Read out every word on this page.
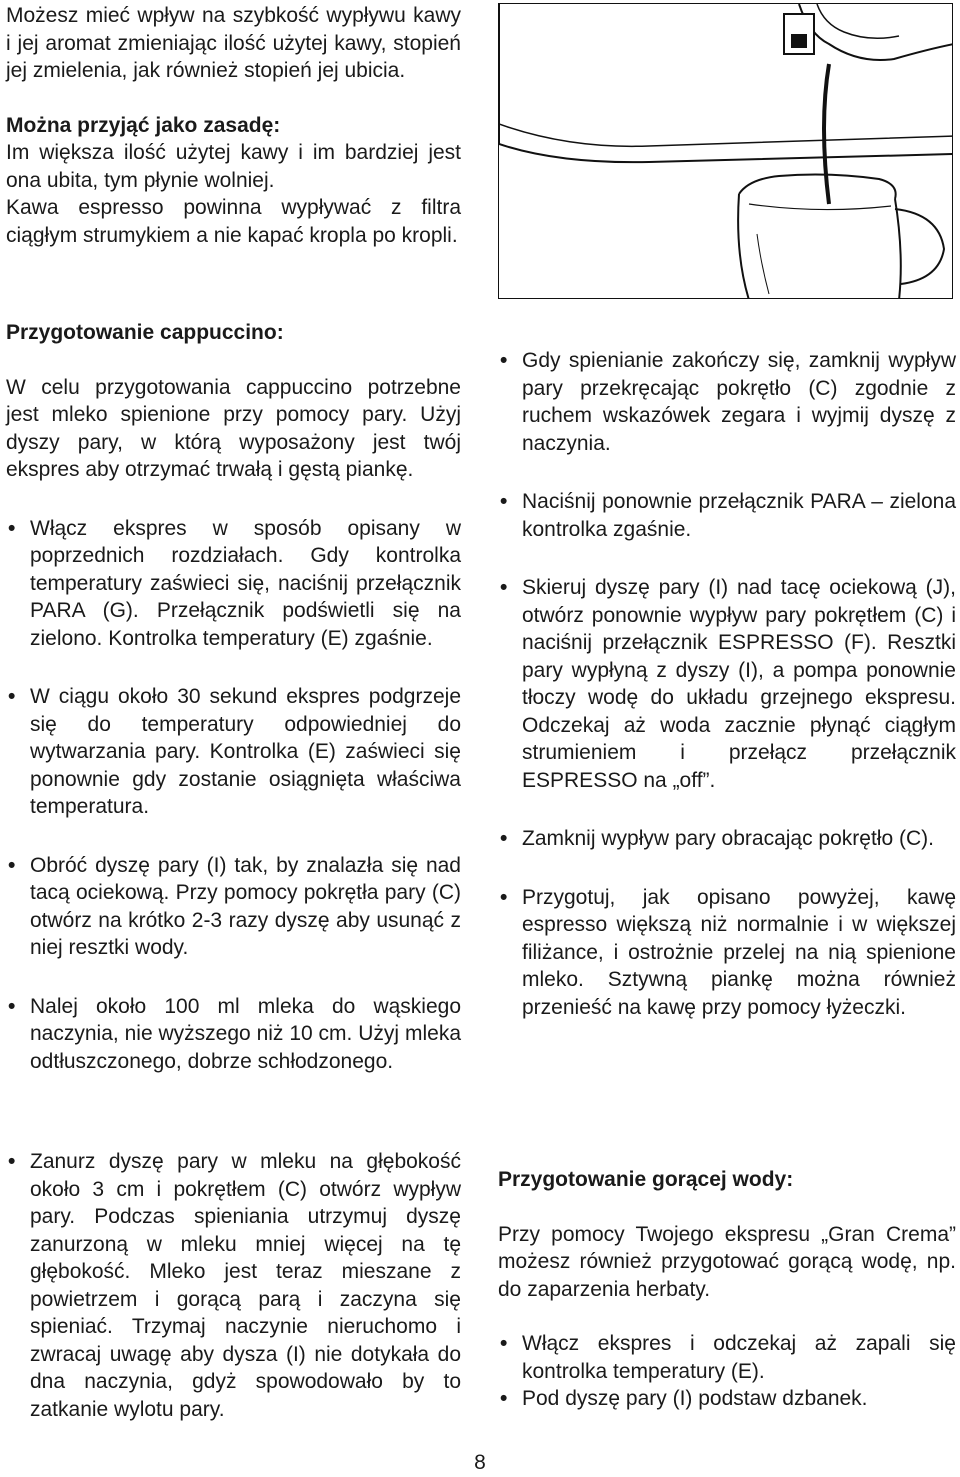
Możesz mieć wpływ na szybkość wypływu kawy i jej aromat zmieniając ilość użytej kawy, stopień jej zmielenia, jak również stopień jej ubicia.

Można przyjąć jako zasadę:

Im większa ilość użytej kawy i im bardziej jest ona ubita, tym płynie wolniej.

Kawa espresso powinna wypływać z filtra ciągłym strumykiem a nie kapać kropla po kropli.

Przygotowanie cappuccino:

W celu przygotowania cappuccino potrzebne jest mleko spienione przy pomocy pary. Użyj dyszy pary, w którą wyposażony jest twój ekspres aby otrzymać trwałą i gęstą piankę.

• Włącz ekspres w sposób opisany w poprzednich rozdziałach. Gdy kontrolka temperatury zaświeci się, naciśnij przełącznik PARA (G). Przełącznik podświetli się na zielono. Kontrolka temperatury (E) zgaśnie.
• W ciągu około 30 sekund ekspres podgrzeje się do temperatury odpowiedniej do wytwarzania pary. Kontrolka (E) zaświeci się ponownie gdy zostanie osiągnięta właściwa temperatura.
• Obróć dyszę pary (I) tak, by znalazła się nad tacą ociekową. Przy pomocy pokrętła pary (C) otwórz na krótko 2-3 razy dyszę aby usunąć z niej resztki wody.
• Nalej około 100 ml mleka do wąskiego naczynia, nie wyższego niż 10 cm. Użyj mleka odtłuszczonego, dobrze schłodzonego.
• Zanurz dyszę pary w mleku na głębokość około 3 cm i pokrętłem (C) otwórz wypływ pary. Podczas spieniania utrzymuj dyszę zanurzoną w mleku mniej więcej na tę głębokość. Mleko jest teraz mieszane z powietrzem i gorącą parą i zaczyna się spieniać. Trzymaj naczynie nieruchomo i zwracaj uwagę aby dysza (I) nie dotykała do dna naczynia, gdyż spowodowało by to zatkanie wylotu pary.
• Gdy spienianie zakończy się, zamknij wypływ pary przekręcając pokrętło (C) zgodnie z ruchem wskazówek zegara i wyjmij dyszę z naczynia.
• Naciśnij ponownie przełącznik PARA – zielona kontrolka zgaśnie.
• Skieruj dyszę pary (I) nad tacę ociekową (J), otwórz ponownie wypływ pary pokrętłem (C) i naciśnij przełącznik ESPRESSO (F). Resztki pary wypłyną z dyszy (I), a pompa ponownie tłoczy wodę do układu grzejnego ekspresu. Odczekaj aż woda zacznie płynąć ciągłym strumieniem i przełącz przełącznik ESPRESSO na „off”.
• Zamknij wypływ pary obracając pokrętło (C).
• Przygotuj, jak opisano powyżej, kawę espresso większą niż normalnie i w większej filiżance, i ostrożnie przelej na nią spienione mleko. Sztywną piankę można również przenieść na kawę przy pomocy łyżeczki.
Przygotowanie gorącej wody:

Przy pomocy Twojego ekspresu „Gran Crema” możesz również przygotować gorącą wodę, np. do zaparzenia herbaty.

• Włącz ekspres i odczekaj aż zapali się kontrolka temperatury (E).
• Pod dyszę pary (I) podstaw dzbanek.
8
